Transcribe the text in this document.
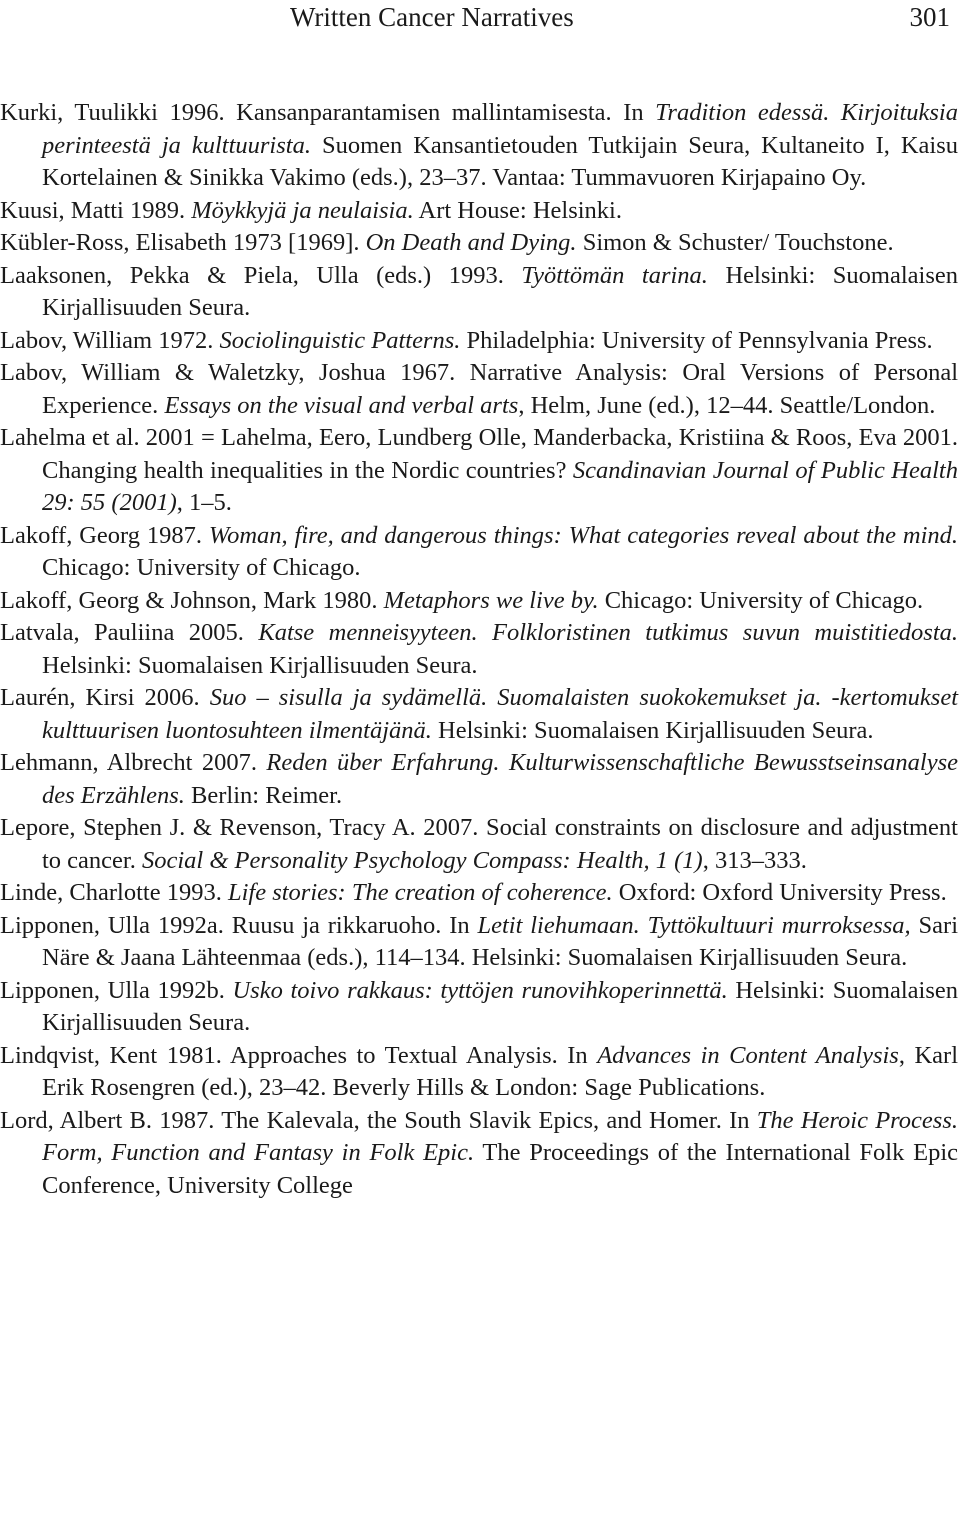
Written Cancer Narratives	301

Kurki, Tuulikki 1996. Kansanparantamisen mallintamisesta. In Tradition edessä. Kirjoituksia perinteestä ja kulttuurista. Suomen Kansantietouden Tutkijain Seura, Kultaneito I, Kaisu Kortelainen & Sinikka Vakimo (eds.), 23–37. Vantaa: Tummavuoren Kirjapaino Oy.

Kuusi, Matti 1989. Möykkyjä ja neulaisia. Art House: Helsinki.

Kübler-Ross, Elisabeth 1973 [1969]. On Death and Dying. Simon & Schuster/ Touchstone.

Laaksonen, Pekka & Piela, Ulla (eds.) 1993. Työttömän tarina. Helsinki: Suomalaisen Kirjallisuuden Seura.

Labov, William 1972. Sociolinguistic Patterns. Philadelphia: University of Pennsylvania Press.

Labov, William & Waletzky, Joshua 1967. Narrative Analysis: Oral Versions of Personal Experience. Essays on the visual and verbal arts, Helm, June (ed.), 12–44. Seattle/London.

Lahelma et al. 2001 = Lahelma, Eero, Lundberg Olle, Manderbacka, Kristiina & Roos, Eva 2001. Changing health inequalities in the Nordic countries? Scandinavian Journal of Public Health 29: 55 (2001), 1–5.

Lakoff, Georg 1987. Woman, fire, and dangerous things: What categories reveal about the mind. Chicago: University of Chicago.

Lakoff, Georg & Johnson, Mark 1980. Metaphors we live by. Chicago: University of Chicago.

Latvala, Pauliina 2005. Katse menneisyyteen. Folkloristinen tutkimus suvun muistitiedosta. Helsinki: Suomalaisen Kirjallisuuden Seura.

Laurén, Kirsi 2006. Suo – sisulla ja sydämellä. Suomalaisten suokokemukset ja. -kertomukset kulttuurisen luontosuhteen ilmentäjänä. Helsinki: Suomalaisen Kirjallisuuden Seura.

Lehmann, Albrecht 2007. Reden über Erfahrung. Kulturwissenschaftliche Bewusstseinsanalyse des Erzählens. Berlin: Reimer.

Lepore, Stephen J. & Revenson, Tracy A. 2007. Social constraints on disclosure and adjustment to cancer. Social & Personality Psychology Compass: Health, 1 (1), 313–333.

Linde, Charlotte 1993. Life stories: The creation of coherence. Oxford: Oxford University Press.

Lipponen, Ulla 1992a. Ruusu ja rikkaruoho. In Letit liehumaan. Tyttökultuuri murroksessa, Sari Näre & Jaana Lähteenmaa (eds.), 114–134. Helsinki: Suomalaisen Kirjallisuuden Seura.

Lipponen, Ulla 1992b. Usko toivo rakkaus: tyttöjen runovihkoperinnettä. Helsinki: Suomalaisen Kirjallisuuden Seura.

Lindqvist, Kent 1981. Approaches to Textual Analysis. In Advances in Content Analysis, Karl Erik Rosengren (ed.), 23–42. Beverly Hills & London: Sage Publications.

Lord, Albert B. 1987. The Kalevala, the South Slavik Epics, and Homer. In The Heroic Process. Form, Function and Fantasy in Folk Epic. The Proceedings of the International Folk Epic Conference, University College
